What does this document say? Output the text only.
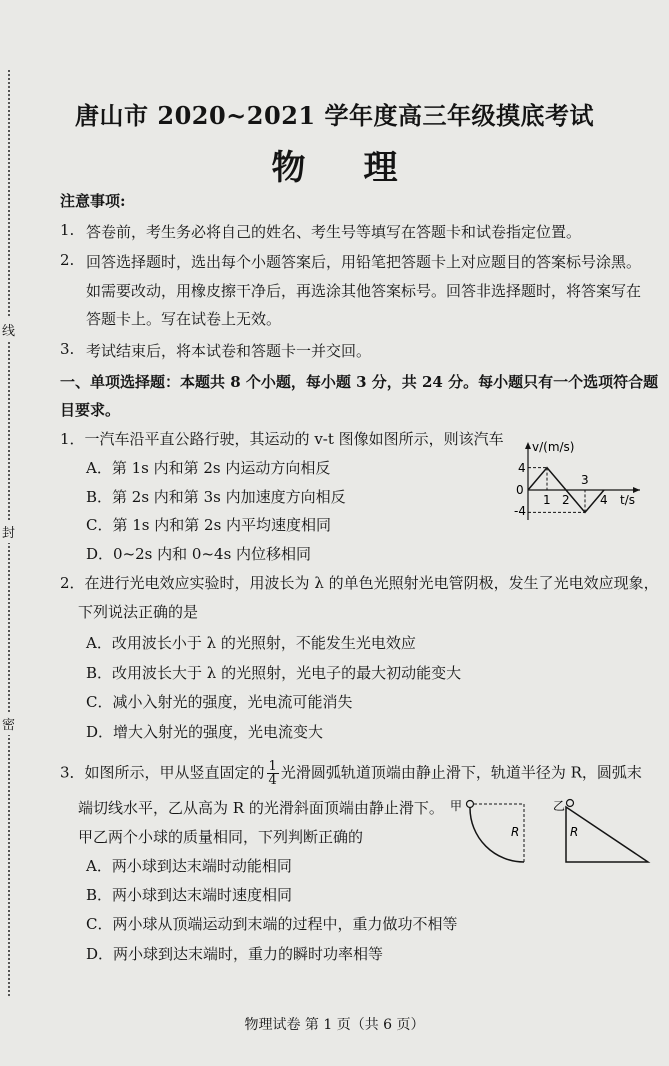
线
封
密
唐山市 2020~2021 学年度高三年级摸底考试
物理
注意事项:
1. 答卷前，考生务必将自己的姓名、考生号等填写在答题卡和试卷指定位置。
2. 回答选择题时，选出每个小题答案后，用铅笔把答题卡上对应题目的答案标号涂黑。
如需要改动，用橡皮擦干净后，再选涂其他答案标号。回答非选择题时，将答案写在
答题卡上。写在试卷上无效。
3. 考试结束后，将本试卷和答题卡一并交回。
一、单项选择题：本题共 8 个小题，每小题 3 分，共 24 分。每小题只有一个选项符合题
目要求。
1．一汽车沿平直公路行驶，其运动的 v-t 图像如图所示，则该汽车
A．第 1s 内和第 2s 内运动方向相反
B．第 2s 内和第 3s 内加速度方向相反
C．第 1s 内和第 2s 内平均速度相同
D．0~2s 内和 0~4s 内位移相同
v/(m/s)
t/s
0
4
-4
1 2
3
4
2．在进行光电效应实验时，用波长为 λ 的单色光照射光电管阴极，发生了光电效应现象，
下列说法正确的是
A．改用波长小于 λ 的光照射，不能发生光电效应
B．改用波长大于 λ 的光照射，光电子的最大初动能变大
C．减小入射光的强度，光电流可能消失
D．增大入射光的强度，光电流变大
3．如图所示，甲从竖直固定的 $\frac{1}{4}$ 光滑圆弧轨道顶端由静止滑下，轨道半径为 R，圆弧末
端切线水平，乙从高为 R 的光滑斜面顶端由静止滑下。
甲乙两个小球的质量相同，下列判断正确的
A．两小球到达末端时动能相同
B．两小球到达末端时速度相同
C．两小球从顶端运动到末端的过程中，重力做功不相等
D．两小球到达末端时，重力的瞬时功率相等
甲
R
乙
R
物理试卷 第 1 页（共 6 页）
